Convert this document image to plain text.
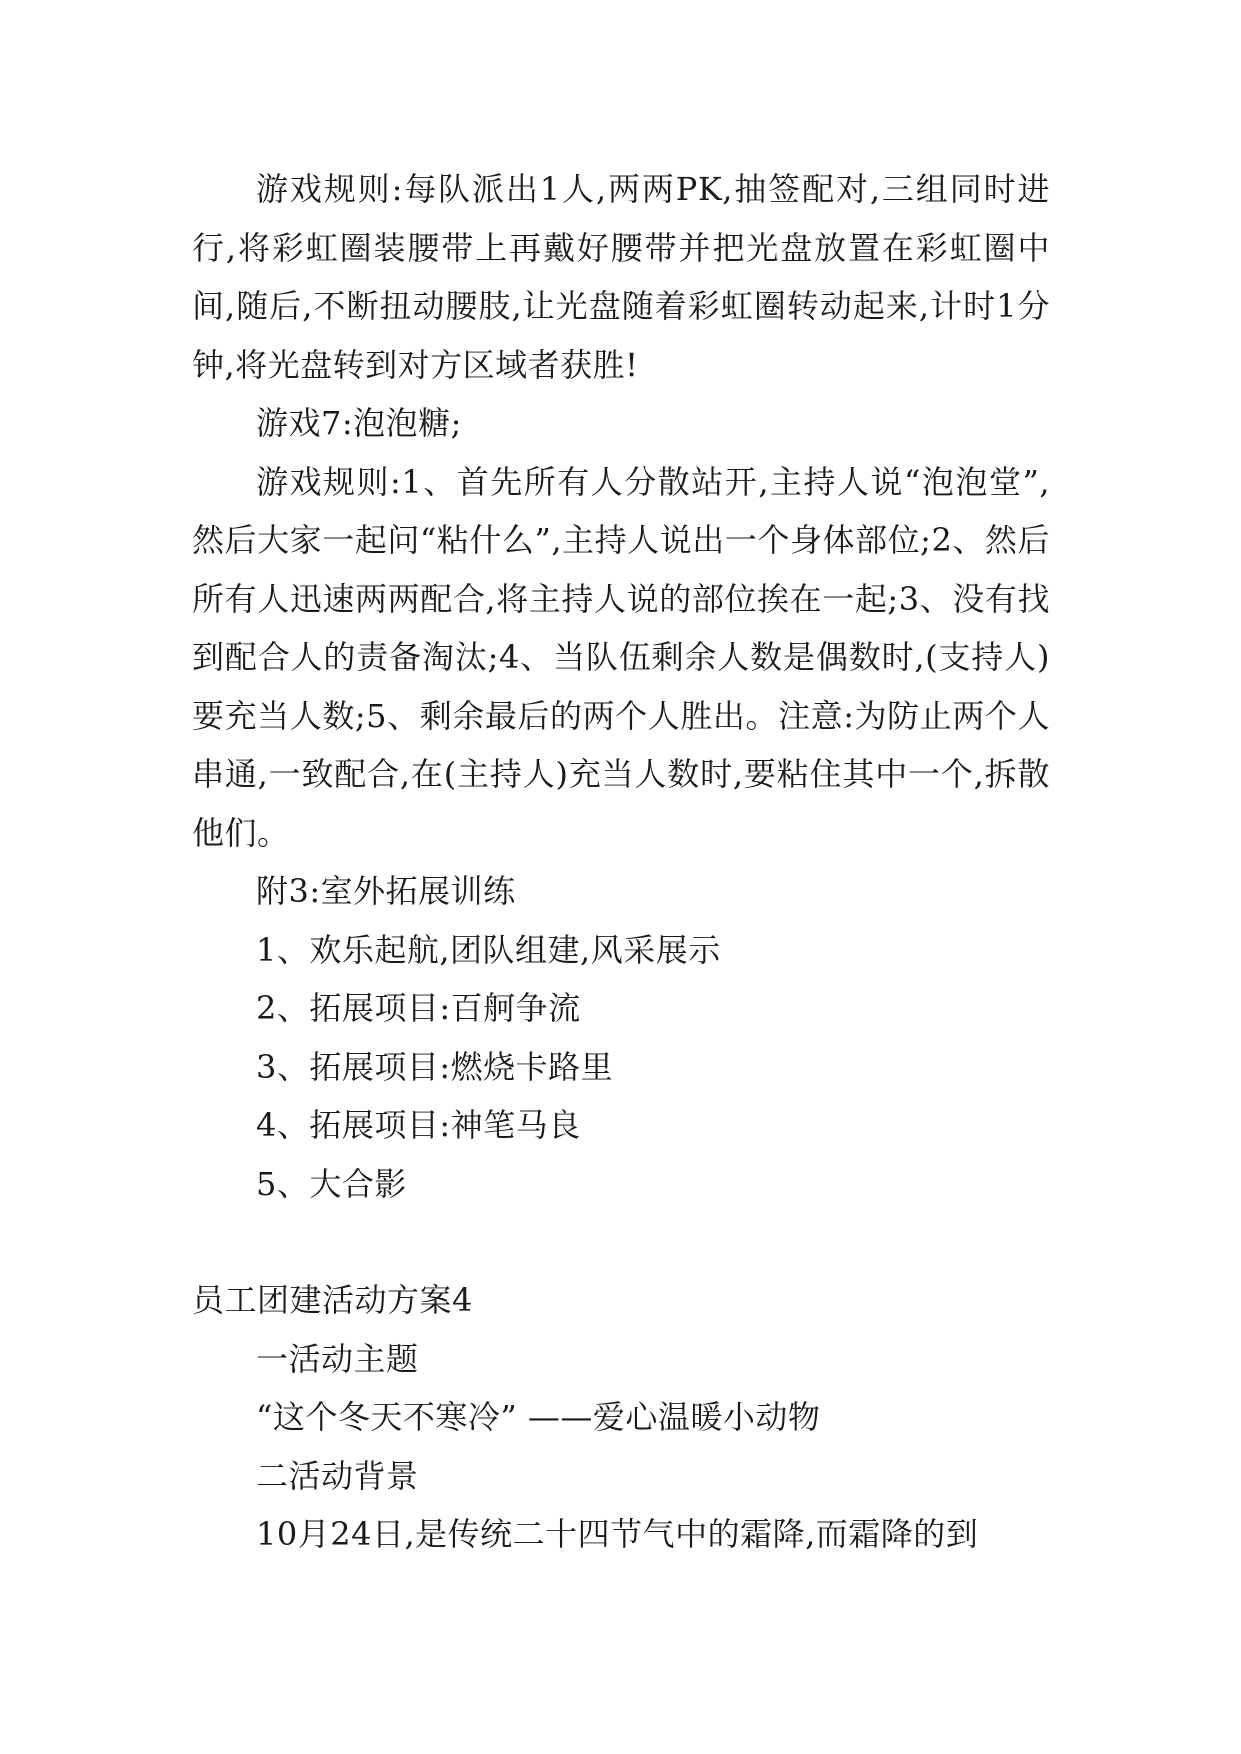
游戏规则:每队派出1人,两两PK,抽签配对,三组同时进行,将彩虹圈装腰带上再戴好腰带并把光盘放置在彩虹圈中间,随后,不断扭动腰肢,让光盘随着彩虹圈转动起来,计时1分钟,将光盘转到对方区域者获胜!

游戏7:泡泡糖;

游戏规则:1、首先所有人分散站开,主持人说“泡泡堂”,然后大家一起问“粘什么”,主持人说出一个身体部位;2、然后所有人迅速两两配合,将主持人说的部位挨在一起;3、没有找到配合人的责备淘汰;4、当队伍剩余人数是偶数时,(支持人)要充当人数;5、剩余最后的两个人胜出。注意:为防止两个人串通,一致配合,在(主持人)充当人数时,要粘住其中一个,拆散他们。

附3:室外拓展训练

1、欢乐起航,团队组建,风采展示

2、拓展项目:百舸争流

3、拓展项目:燃烧卡路里

4、拓展项目:神笔马良

5、大合影

员工团建活动方案4

一活动主题

“这个冬天不寒冷” ——爱心温暖小动物

二活动背景

10月24日,是传统二十四节气中的霜降,而霜降的到
